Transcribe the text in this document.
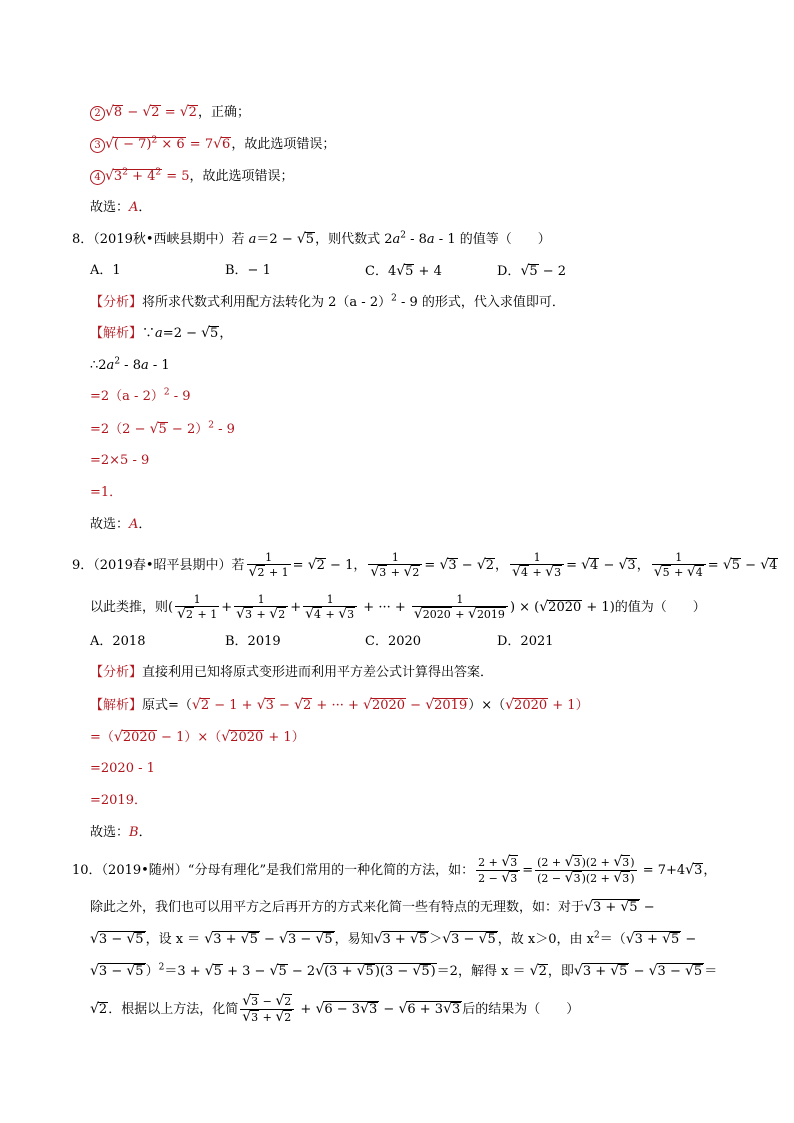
2 √8 − √2 = √2，正确；
3 √( − 7)$^2$ × 6 = 7√6，故此选项错误；
4 $√3^2 + 4^2 = 5$，故此选项错误；
故选：A．
8．（2019秋•西峡县期中）若 a＝2 − √5，则代数式 $2a^2 - 8a - 1$ 的值等（　　）
A．1	B．− 1	C．4√5 + 4	D．√5 − 2
【分析】将所求代数式利用配方法转化为 2（a - 2）$^2$ - 9 的形式，代入求值即可．
【解析】∵a=2 − √5，
$\therefore 2a^2 - 8a - 1$
=2（a - 2）$^2$ - 9
$=2(2 - √5 - 2)^2 - 9$
=2×5 - 9
=1．
故选：A．
9．（2019春•昭平县期中）若 $\frac{1}{√2 + 1} = √2 - 1$， $\frac{1}{√3 + √2} = √3 - √2$， $\frac{1}{√4 + √3} = √4 - √3$， $\frac{1}{√5 + √4} = √5 - √4$
以此类推，则( $\frac{1}{√2 + 1} + \frac{1}{√3 + √2} + \frac{1}{√4 + √3}$ + ··· + $\frac{1}{√2020 + √2019}$ ) × (√2020 + 1)的值为（　　）
A．2018	B．2019	C．2020	D．2021
【分析】直接利用已知将原式变形进而利用平方差公式计算得出答案．
【解析】原式=（√2 − 1 + √3 − √2 + ··· + √2020 − √2019）×（√2020 + 1）
=（√2020 − 1）×（√2020 + 1）
=2020 - 1
=2019．
故选：B．
10．（2019•随州）“分母有理化”是我们常用的一种化简的方法，如： $\frac{2 + √3}{2 - √3} = \frac{(2 + √3)(2 + √3)}{(2 - √3)(2 + √3)} = 7+4√3$，
除此之外，我们也可以用平方之后再开方的方式来化简一些有特点的无理数，如：对于√3 + √5 −
√3 − √5 ，设 x ＝ √3 + √5 − √3 − √5 ，易知√3 + √5 ＞√3 − √5 ，故 x＞0，由 $x^2=(√3 + √5$ −
√3 − √5 ）$^2$＝3 + √5 + 3 − √5 − 2√(3 + √5)(3 − √5)＝2，解得 x ＝ √2，即√3 + √5 − √3 − √5 ＝
√2．根据以上方法，化简 $\frac{√3 - √2}{√3 + √2} + √6 - 3√3 - √6 + 3√3$ 后的结果为（　　）
